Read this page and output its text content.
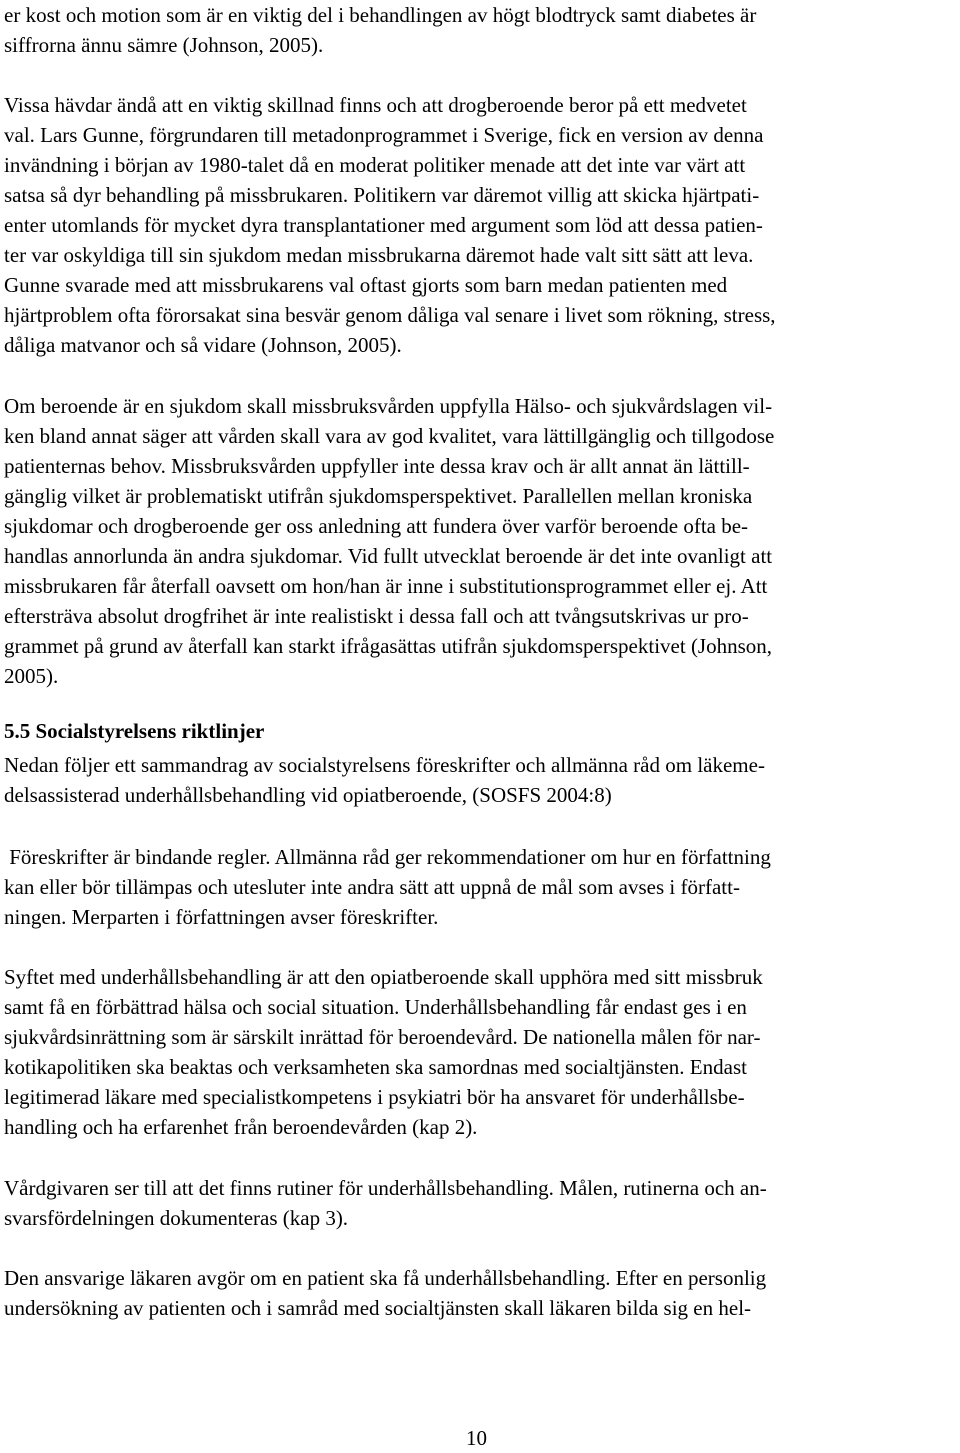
er kost och motion som är en viktig del i behandlingen av högt blodtryck samt diabetes är
siffrorna ännu sämre (Johnson, 2005).

Vissa hävdar ändå att en viktig skillnad finns och att drogberoende beror på ett medvetet
val. Lars Gunne, förgrundaren till metadonprogrammet i Sverige, fick en version av denna
invändning i början av 1980-talet då en moderat politiker menade att det inte var värt att
satsa så dyr behandling på missbrukaren. Politikern var däremot villig att skicka hjärtpati-
enter utomlands för mycket dyra transplantationer med argument som löd att dessa patien-
ter var oskyldiga till sin sjukdom medan missbrukarna däremot hade valt sitt sätt att leva.
Gunne svarade med att missbrukarens val oftast gjorts som barn medan patienten med
hjärtproblem ofta förorsakat sina besvär genom dåliga val senare i livet som rökning, stress,
dåliga matvanor och så vidare (Johnson, 2005).

Om beroende är en sjukdom skall missbruksvården uppfylla Hälso- och sjukvårdslagen vil-
ken bland annat säger att vården skall vara av god kvalitet, vara lättillgänglig och tillgodose
patienternas behov. Missbruksvården uppfyller inte dessa krav och är allt annat än lättill-
gänglig vilket är problematiskt utifrån sjukdomsperspektivet. Parallellen mellan kroniska
sjukdomar och drogberoende ger oss anledning att fundera över varför beroende ofta be-
handlas annorlunda än andra sjukdomar. Vid fullt utvecklat beroende är det inte ovanligt att
missbrukaren får återfall oavsett om hon/han är inne i substitutionsprogrammet eller ej. Att
eftersträva absolut drogfrihet är inte realistiskt i dessa fall och att tvångsutskrivas ur pro-
grammet på grund av återfall kan starkt ifrågasättas utifrån sjukdomsperspektivet (Johnson,
2005).

5.5 Socialstyrelsens riktlinjer

Nedan följer ett sammandrag av socialstyrelsens föreskrifter och allmänna råd om läkeme-
delsassisterad underhållsbehandling vid opiatberoende, (SOSFS 2004:8)

Föreskrifter är bindande regler. Allmänna råd ger rekommendationer om hur en författning
kan eller bör tillämpas och utesluter inte andra sätt att uppnå de mål som avses i författ-
ningen. Merparten i författningen avser föreskrifter.

Syftet med underhållsbehandling är att den opiatberoende skall upphöra med sitt missbruk
samt få en förbättrad hälsa och social situation. Underhållsbehandling får endast ges i en
sjukvårdsinrättning som är särskilt inrättad för beroendevård. De nationella målen för nar-
kotikapolitiken ska beaktas och verksamheten ska samordnas med socialtjänsten. Endast
legitimerad läkare med specialistkompetens i psykiatri bör ha ansvaret för underhållsbe-
handling och ha erfarenhet från beroendevården (kap 2).

Vårdgivaren ser till att det finns rutiner för underhållsbehandling. Målen, rutinerna och an-
svarsfördelningen dokumenteras (kap 3).

Den ansvarige läkaren avgör om en patient ska få underhållsbehandling. Efter en personlig
undersökning av patienten och i samråd med socialtjänsten skall läkaren bilda sig en hel-

10
